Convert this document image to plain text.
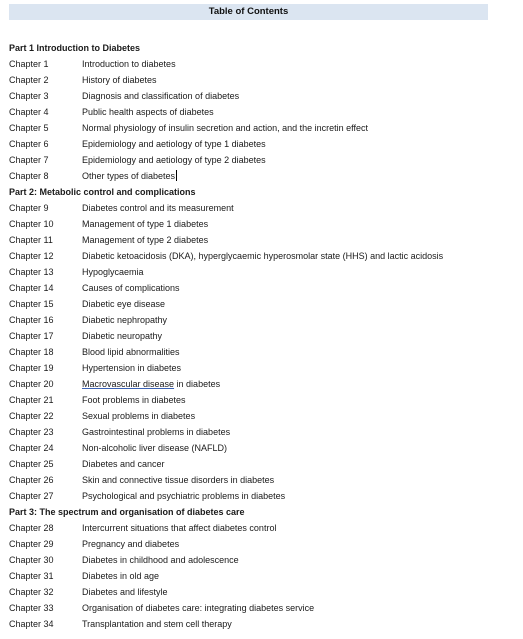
Table of Contents
Part 1 Introduction to Diabetes
Chapter 1	Introduction to diabetes
Chapter 2	History of diabetes
Chapter 3	Diagnosis and classification of diabetes
Chapter 4	Public health aspects of diabetes
Chapter 5	Normal physiology of insulin secretion and action, and the incretin effect
Chapter 6	Epidemiology and aetiology of type 1 diabetes
Chapter 7	Epidemiology and aetiology of type 2 diabetes
Chapter 8	Other types of diabetes
Part 2: Metabolic control and complications
Chapter 9	Diabetes control and its measurement
Chapter 10	Management of type 1 diabetes
Chapter 11	Management of type 2 diabetes
Chapter 12	Diabetic ketoacidosis (DKA), hyperglycaemic hyperosmolar state (HHS) and lactic acidosis
Chapter 13	Hypoglycaemia
Chapter 14	Causes of complications
Chapter 15	Diabetic eye disease
Chapter 16	Diabetic nephropathy
Chapter 17	Diabetic neuropathy
Chapter 18	Blood lipid abnormalities
Chapter 19	Hypertension in diabetes
Chapter 20	Macrovascular disease in diabetes
Chapter 21	Foot problems in diabetes
Chapter 22	Sexual problems in diabetes
Chapter 23	Gastrointestinal problems in diabetes
Chapter 24	Non-alcoholic liver disease (NAFLD)
Chapter 25	Diabetes and cancer
Chapter 26	Skin and connective tissue disorders in diabetes
Chapter 27	Psychological and psychiatric problems in diabetes
Part 3: The spectrum and organisation of diabetes care
Chapter 28	Intercurrent situations that affect diabetes control
Chapter 29	Pregnancy and diabetes
Chapter 30	Diabetes in childhood and adolescence
Chapter 31	Diabetes in old age
Chapter 32	Diabetes and lifestyle
Chapter 33	Organisation of diabetes care: integrating diabetes service
Chapter 34	Transplantation and stem cell therapy
